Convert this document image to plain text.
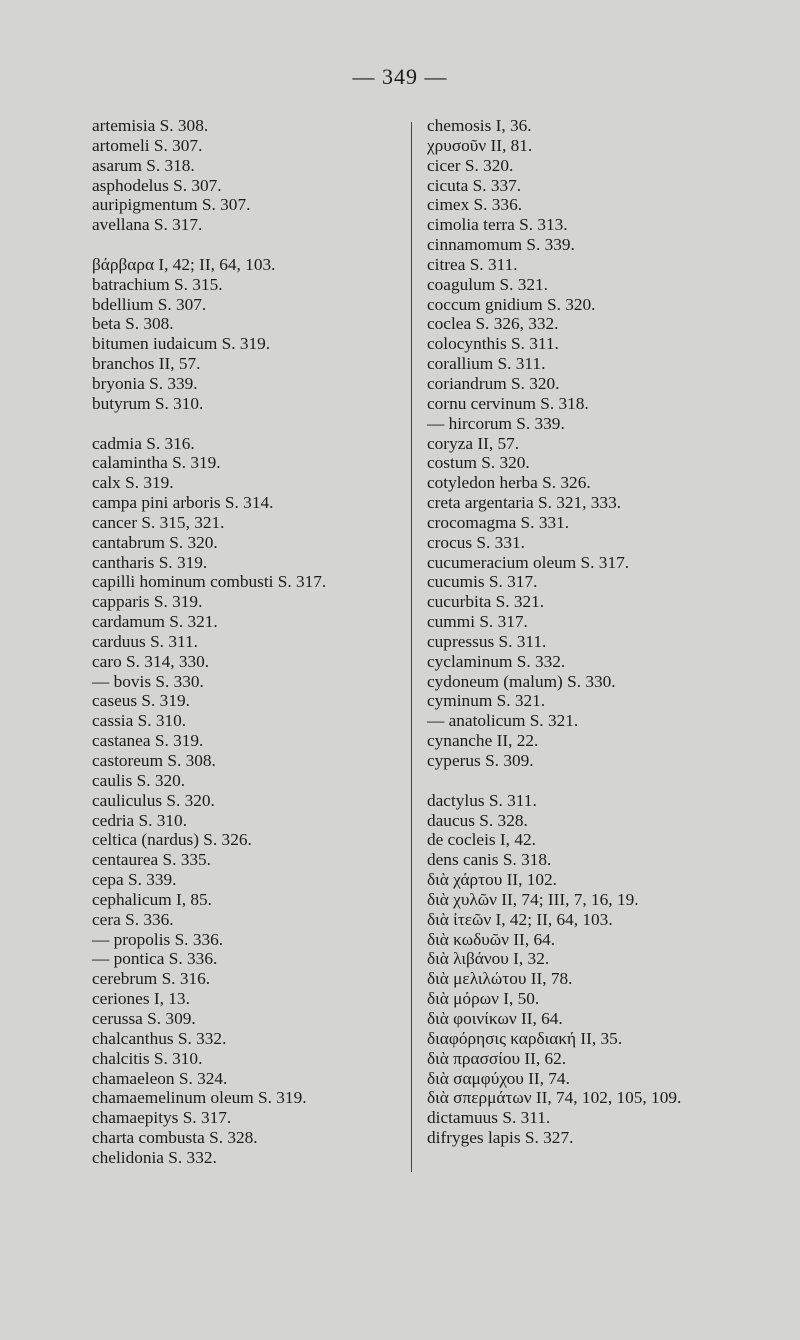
— 349 —
artemisia S. 308.
artomeli S. 307.
asarum S. 318.
asphodelus S. 307.
auripigmentum S. 307.
avellana S. 317.
βάρβαρα I, 42; II, 64, 103.
batrachium S. 315.
bdellium S. 307.
beta S. 308.
bitumen iudaicum S. 319.
branchos II, 57.
bryonia S. 339.
butyrum S. 310.
cadmia S. 316.
calamintha S. 319.
calx S. 319.
campa pini arboris S. 314.
cancer S. 315, 321.
cantabrum S. 320.
cantharis S. 319.
capilli hominum combusti S. 317.
capparis S. 319.
cardamum S. 321.
carduus S. 311.
caro S. 314, 330.
— bovis S. 330.
caseus S. 319.
cassia S. 310.
castanea S. 319.
castoreum S. 308.
caulis S. 320.
cauliculus S. 320.
cedria S. 310.
celtica (nardus) S. 326.
centaurea S. 335.
cepa S. 339.
cephalicum I, 85.
cera S. 336.
— propolis S. 336.
— pontica S. 336.
cerebrum S. 316.
ceriones I, 13.
cerussa S. 309.
chalcanthus S. 332.
chalcitis S. 310.
chamaeleon S. 324.
chamaemelinum oleum S. 319.
chamaepitys S. 317.
charta combusta S. 328.
chelidonia S. 332.
chemosis I, 36.
χρυσοῦν II, 81.
cicer S. 320.
cicuta S. 337.
cimex S. 336.
cimolia terra S. 313.
cinnamomum S. 339.
citrea S. 311.
coagulum S. 321.
coccum gnidium S. 320.
coclea S. 326, 332.
colocynthis S. 311.
corallium S. 311.
coriandrum S. 320.
cornu cervinum S. 318.
— hircorum S. 339.
coryza II, 57.
costum S. 320.
cotyledon herba S. 326.
creta argentaria S. 321, 333.
crocomagma S. 331.
crocus S. 331.
cucumeracium oleum S. 317.
cucumis S. 317.
cucurbita S. 321.
cummi S. 317.
cupressus S. 311.
cyclaminum S. 332.
cydoneum (malum) S. 330.
cyminum S. 321.
— anatolicum S. 321.
cynanche II, 22.
cyperus S. 309.
dactylus S. 311.
daucus S. 328.
de cocleis I, 42.
dens canis S. 318.
διὰ χάρτου II, 102.
διὰ χυλῶν II, 74; III, 7, 16, 19.
διὰ ἰτεῶν I, 42; II, 64, 103.
διὰ κωδυῶν II, 64.
διὰ λιβάνου I, 32.
διὰ μελιλώτου II, 78.
διὰ μόρων I, 50.
διὰ φοινίκων II, 64.
διαφόρησις καρδιακή II, 35.
διὰ πρασσίου II, 62.
διὰ σαμφύχου II, 74.
διὰ σπερμάτων II, 74, 102, 105, 109.
dictamuus S. 311.
difryges lapis S. 327.
